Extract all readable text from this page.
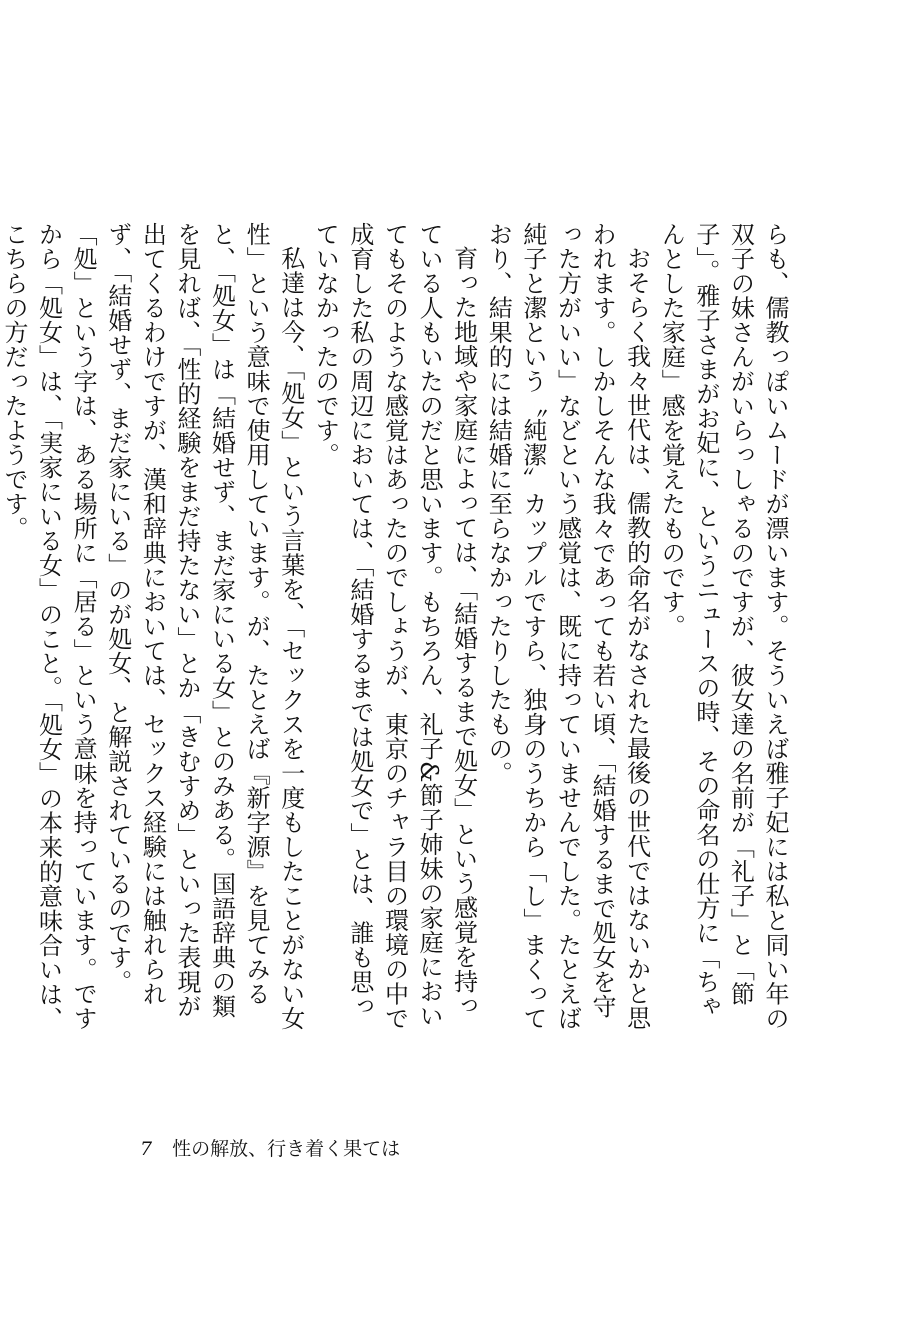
らも、儒教っぽいムードが漂います。そういえば雅子妃には私と同い年の双子の妹さんがいらっしゃるのですが、彼女達の名前が「礼子」と「節子」。雅子さまがお妃に、というニュースの時、その命名の仕方に「ちゃんとした家庭」感を覚えたものです。

おそらく我々世代は、儒教的命名がなされた最後の世代ではないかと思われます。しかしそんな我々であっても若い頃、「結婚するまで処女を守った方がいい」などという感覚は、既に持っていませんでした。たとえば純子と潔という〝純潔〟カップルですら、独身のうちから「し」まくっており、結果的には結婚に至らなかったりしたもの。

育った地域や家庭によっては、「結婚するまで処女」という感覚を持っている人もいたのだと思います。もちろん、礼子&節子姉妹の家庭においてもそのような感覚はあったのでしょうが、東京のチャラ目の環境の中で成育した私の周辺においては、「結婚するまでは処女で」とは、誰も思っていなかったのです。

私達は今、「処女」という言葉を、「セックスを一度もしたことがない女性」という意味で使用しています。が、たとえば『新字源』を見てみると、「処女」は「結婚せず、まだ家にいる女」とのみある。国語辞典の類を見れば、「性的経験をまだ持たない」とか「きむすめ」といった表現が出てくるわけですが、漢和辞典においては、セックス経験には触れられず、「結婚せず、まだ家にいる」のが処女、と解説されているのです。

「処」という字は、ある場所に「居る」という意味を持っています。ですから「処女」は、「実家にいる女」のこと。「処女」の本来的意味合いは、こちらの方だったようです。

7 性の解放、行き着く果ては
